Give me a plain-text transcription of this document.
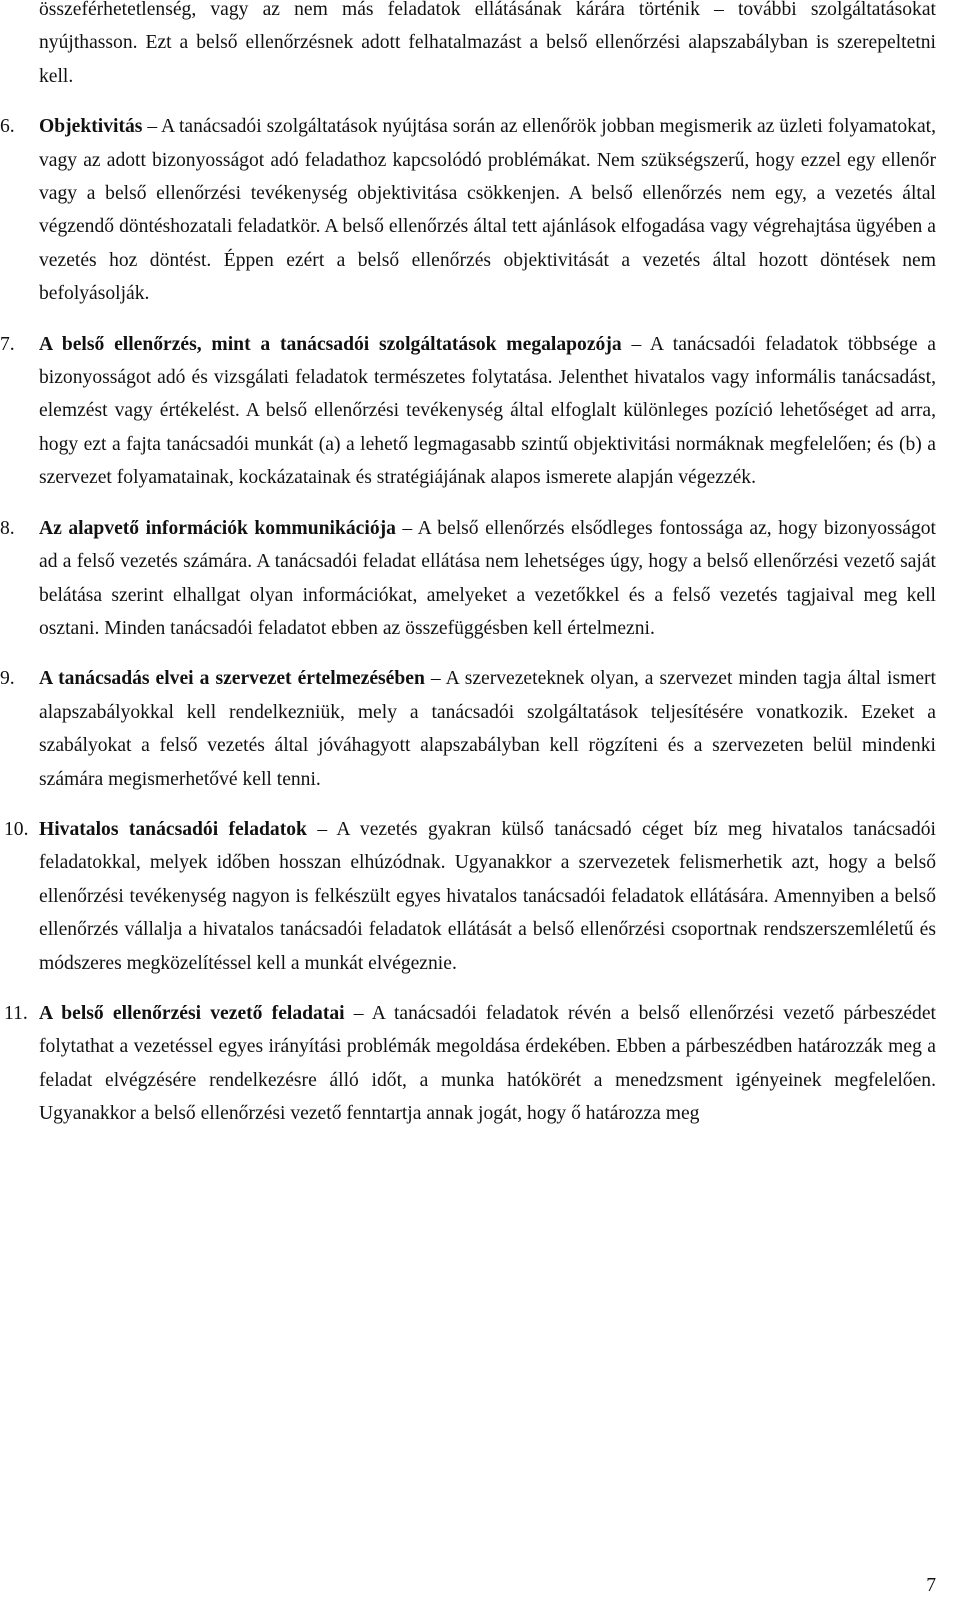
összeférhetetlenség, vagy az nem más feladatok ellátásának kárára történik – további szolgáltatásokat nyújthasson. Ezt a belső ellenőrzésnek adott felhatalmazást a belső ellenőrzési alapszabályban is szerepeltetni kell.

6.	Objektivitás – A tanácsadói szolgáltatások nyújtása során az ellenőrök jobban megismerik az üzleti folyamatokat, vagy az adott bizonyosságot adó feladathoz kapcsolódó problémákat. Nem szükségszerű, hogy ezzel egy ellenőr vagy a belső ellenőrzési tevékenység objektivitása csökkenjen. A belső ellenőrzés nem egy, a vezetés által végzendő döntéshozatali feladatkör. A belső ellenőrzés által tett ajánlások elfogadása vagy végrehajtása ügyében a vezetés hoz döntést. Éppen ezért a belső ellenőrzés objektivitását a vezetés által hozott döntések nem befolyásolják.

7.	A belső ellenőrzés, mint a tanácsadói szolgáltatások megalapozója – A tanácsadói feladatok többsége a bizonyosságot adó és vizsgálati feladatok természetes folytatása. Jelenthet hivatalos vagy informális tanácsadást, elemzést vagy értékelést. A belső ellenőrzési tevékenység által elfoglalt különleges pozíció lehetőséget ad arra, hogy ezt a fajta tanácsadói munkát (a) a lehető legmagasabb szintű objektivitási normáknak megfelelően; és (b) a szervezet folyamatainak, kockázatainak és stratégiájának alapos ismerete alapján végezzék.

8.	Az alapvető információk kommunikációja – A belső ellenőrzés elsődleges fontossága az, hogy bizonyosságot ad a felső vezetés számára. A tanácsadói feladat ellátása nem lehetséges úgy, hogy a belső ellenőrzési vezető saját belátása szerint elhallgat olyan információkat, amelyeket a vezetőkkel és a felső vezetés tagjaival meg kell osztani. Minden tanácsadói feladatot ebben az összefüggésben kell értelmezni.

9.	A tanácsadás elvei a szervezet értelmezésében – A szervezeteknek olyan, a szervezet minden tagja által ismert alapszabályokkal kell rendelkezniük, mely a tanácsadói szolgáltatások teljesítésére vonatkozik. Ezeket a szabályokat a felső vezetés által jóváhagyott alapszabályban kell rögzíteni és a szervezeten belül mindenki számára megismerhetővé kell tenni.

10. Hivatalos tanácsadói feladatok – A vezetés gyakran külső tanácsadó céget bíz meg hivatalos tanácsadói feladatokkal, melyek időben hosszan elhúzódnak. Ugyanakkor a szervezetek felismerhetik azt, hogy a belső ellenőrzési tevékenység nagyon is felkészült egyes hivatalos tanácsadói feladatok ellátására. Amennyiben a belső ellenőrzés vállalja a hivatalos tanácsadói feladatok ellátását a belső ellenőrzési csoportnak rendszerszemléletű és módszeres megközelítéssel kell a munkát elvégeznie.

11. A belső ellenőrzési vezető feladatai – A tanácsadói feladatok révén a belső ellenőrzési vezető párbeszédet folytathat a vezetéssel egyes irányítási problémák megoldása érdekében. Ebben a párbeszédben határozzák meg a feladat elvégzésére rendelkezésre álló időt, a munka hatókörét a menedzsment igényeinek megfelelően. Ugyanakkor a belső ellenőrzési vezető fenntartja annak jogát, hogy ő határozza meg

7
